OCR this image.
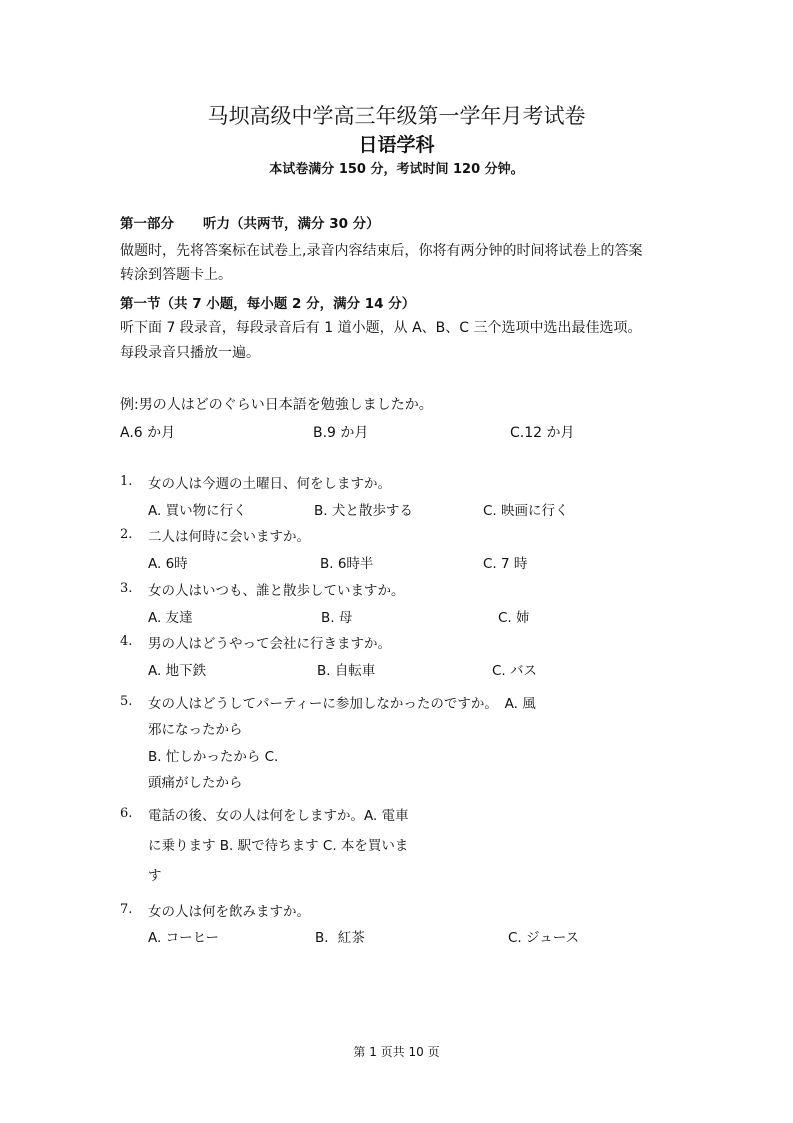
马坝高级中学高三年级第一学年月考试卷
日语学科
本试卷满分 150 分，考试时间 120 分钟。
第一部分 听力（共两节，满分 30 分）
做题时，先将答案标在试卷上,录音内容结束后，你将有两分钟的时间将试卷上的答案
转涂到答题卡上。
第一节（共 7 小题，每小题 2 分，满分 14 分）
听下面 7 段录音，每段录音后有 1 道小题，从 A、B、C 三个选项中选出最佳选项。
每段录音只播放一遍。
例:男の人はどのぐらい日本語を勉強しましたか。
A.6 か月	B.9 か月	C.12 か月
1. 女の人は今週の土曜日、何をしますか。
A. 買い物に行く	B. 犬と散歩する	C. 映画に行く
2. 二人は何時に会いますか。
A. 6時	B. 6時半	C. 7 時
3. 女の人はいつも、誰と散歩していますか。
A. 友達	B. 母	C. 姉
4. 男の人はどうやって会社に行きますか。
A. 地下鉄	B. 自転車	C. バス
5. 女の人はどうしてパーティーに参加しなかったのですか。　A. 風
邪になったから
B. 忙しかったから C.
頭痛がしたから
6. 電話の後、女の人は何をしますか。A. 電車
に乗ります B. 駅で待ちます C. 本を買いま
す
7. 女の人は何を飲みますか。
A. コーヒー	B．紅茶	C. ジュース
第 1 页共 10 页
